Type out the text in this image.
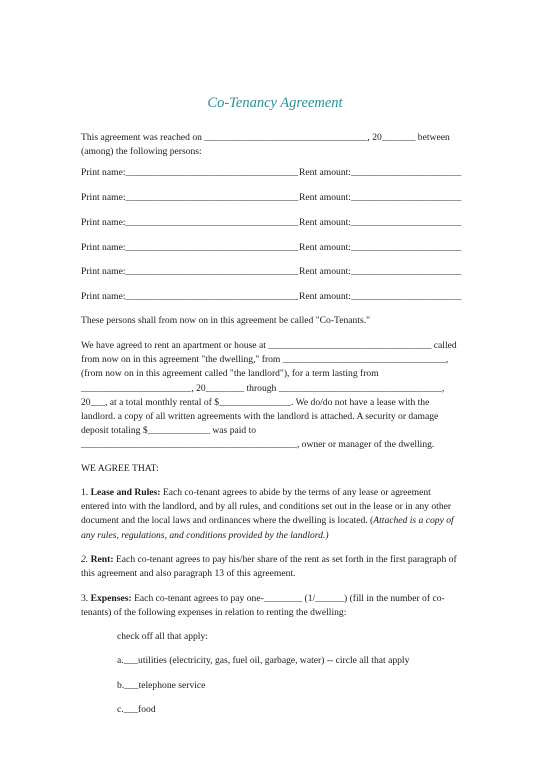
Co-Tenancy Agreement

This agreement was reached on __________________________________, 20_______ between

(among) the following persons:

Print name:____________________________________ Rent amount:_______________________
Print name:____________________________________ Rent amount:_______________________
Print name:____________________________________ Rent amount:_______________________
Print name:____________________________________ Rent amount:_______________________
Print name:____________________________________ Rent amount:_______________________
Print name:____________________________________ Rent amount:_______________________
These persons shall from now on in this agreement be called "Co-Tenants."

We have agreed to rent an apartment or house at __________________________________ called

from now on in this agreement "the dwelling," from __________________________________,

(from now on in this agreement called "the landlord"), for a term lasting from

_______________________, 20________ through __________________________________,

20___, at a total monthly rental of $_______________. We do/do not have a lease with the

landlord. a copy of all written agreements with the landlord is attached. A security or damage

deposit totaling $_____________ was paid to

_____________________________________________, owner or manager of the dwelling.

WE AGREE THAT:

1. Lease and Rules: Each co-tenant agrees to abide by the terms of any lease or agreement

entered into with the landlord, and by all rules, and conditions set out in the lease or in any other

document and the local laws and ordinances where the dwelling is located. (Attached is a copy of

any rules, regulations, and conditions provided by the landlord.)

2. Rent: Each co-tenant agrees to pay his/her share of the rent as set forth in the first paragraph of

this agreement and also paragraph 13 of this agreement.

3. Expenses: Each co-tenant agrees to pay one-________ (1/______) (fill in the number of co-

tenants) of the following expenses in relation to renting the dwelling:

check off all that apply:
a.___utilities (electricity, gas, fuel oil, garbage, water) -- circle all that apply
b.___telephone service
c.___food
